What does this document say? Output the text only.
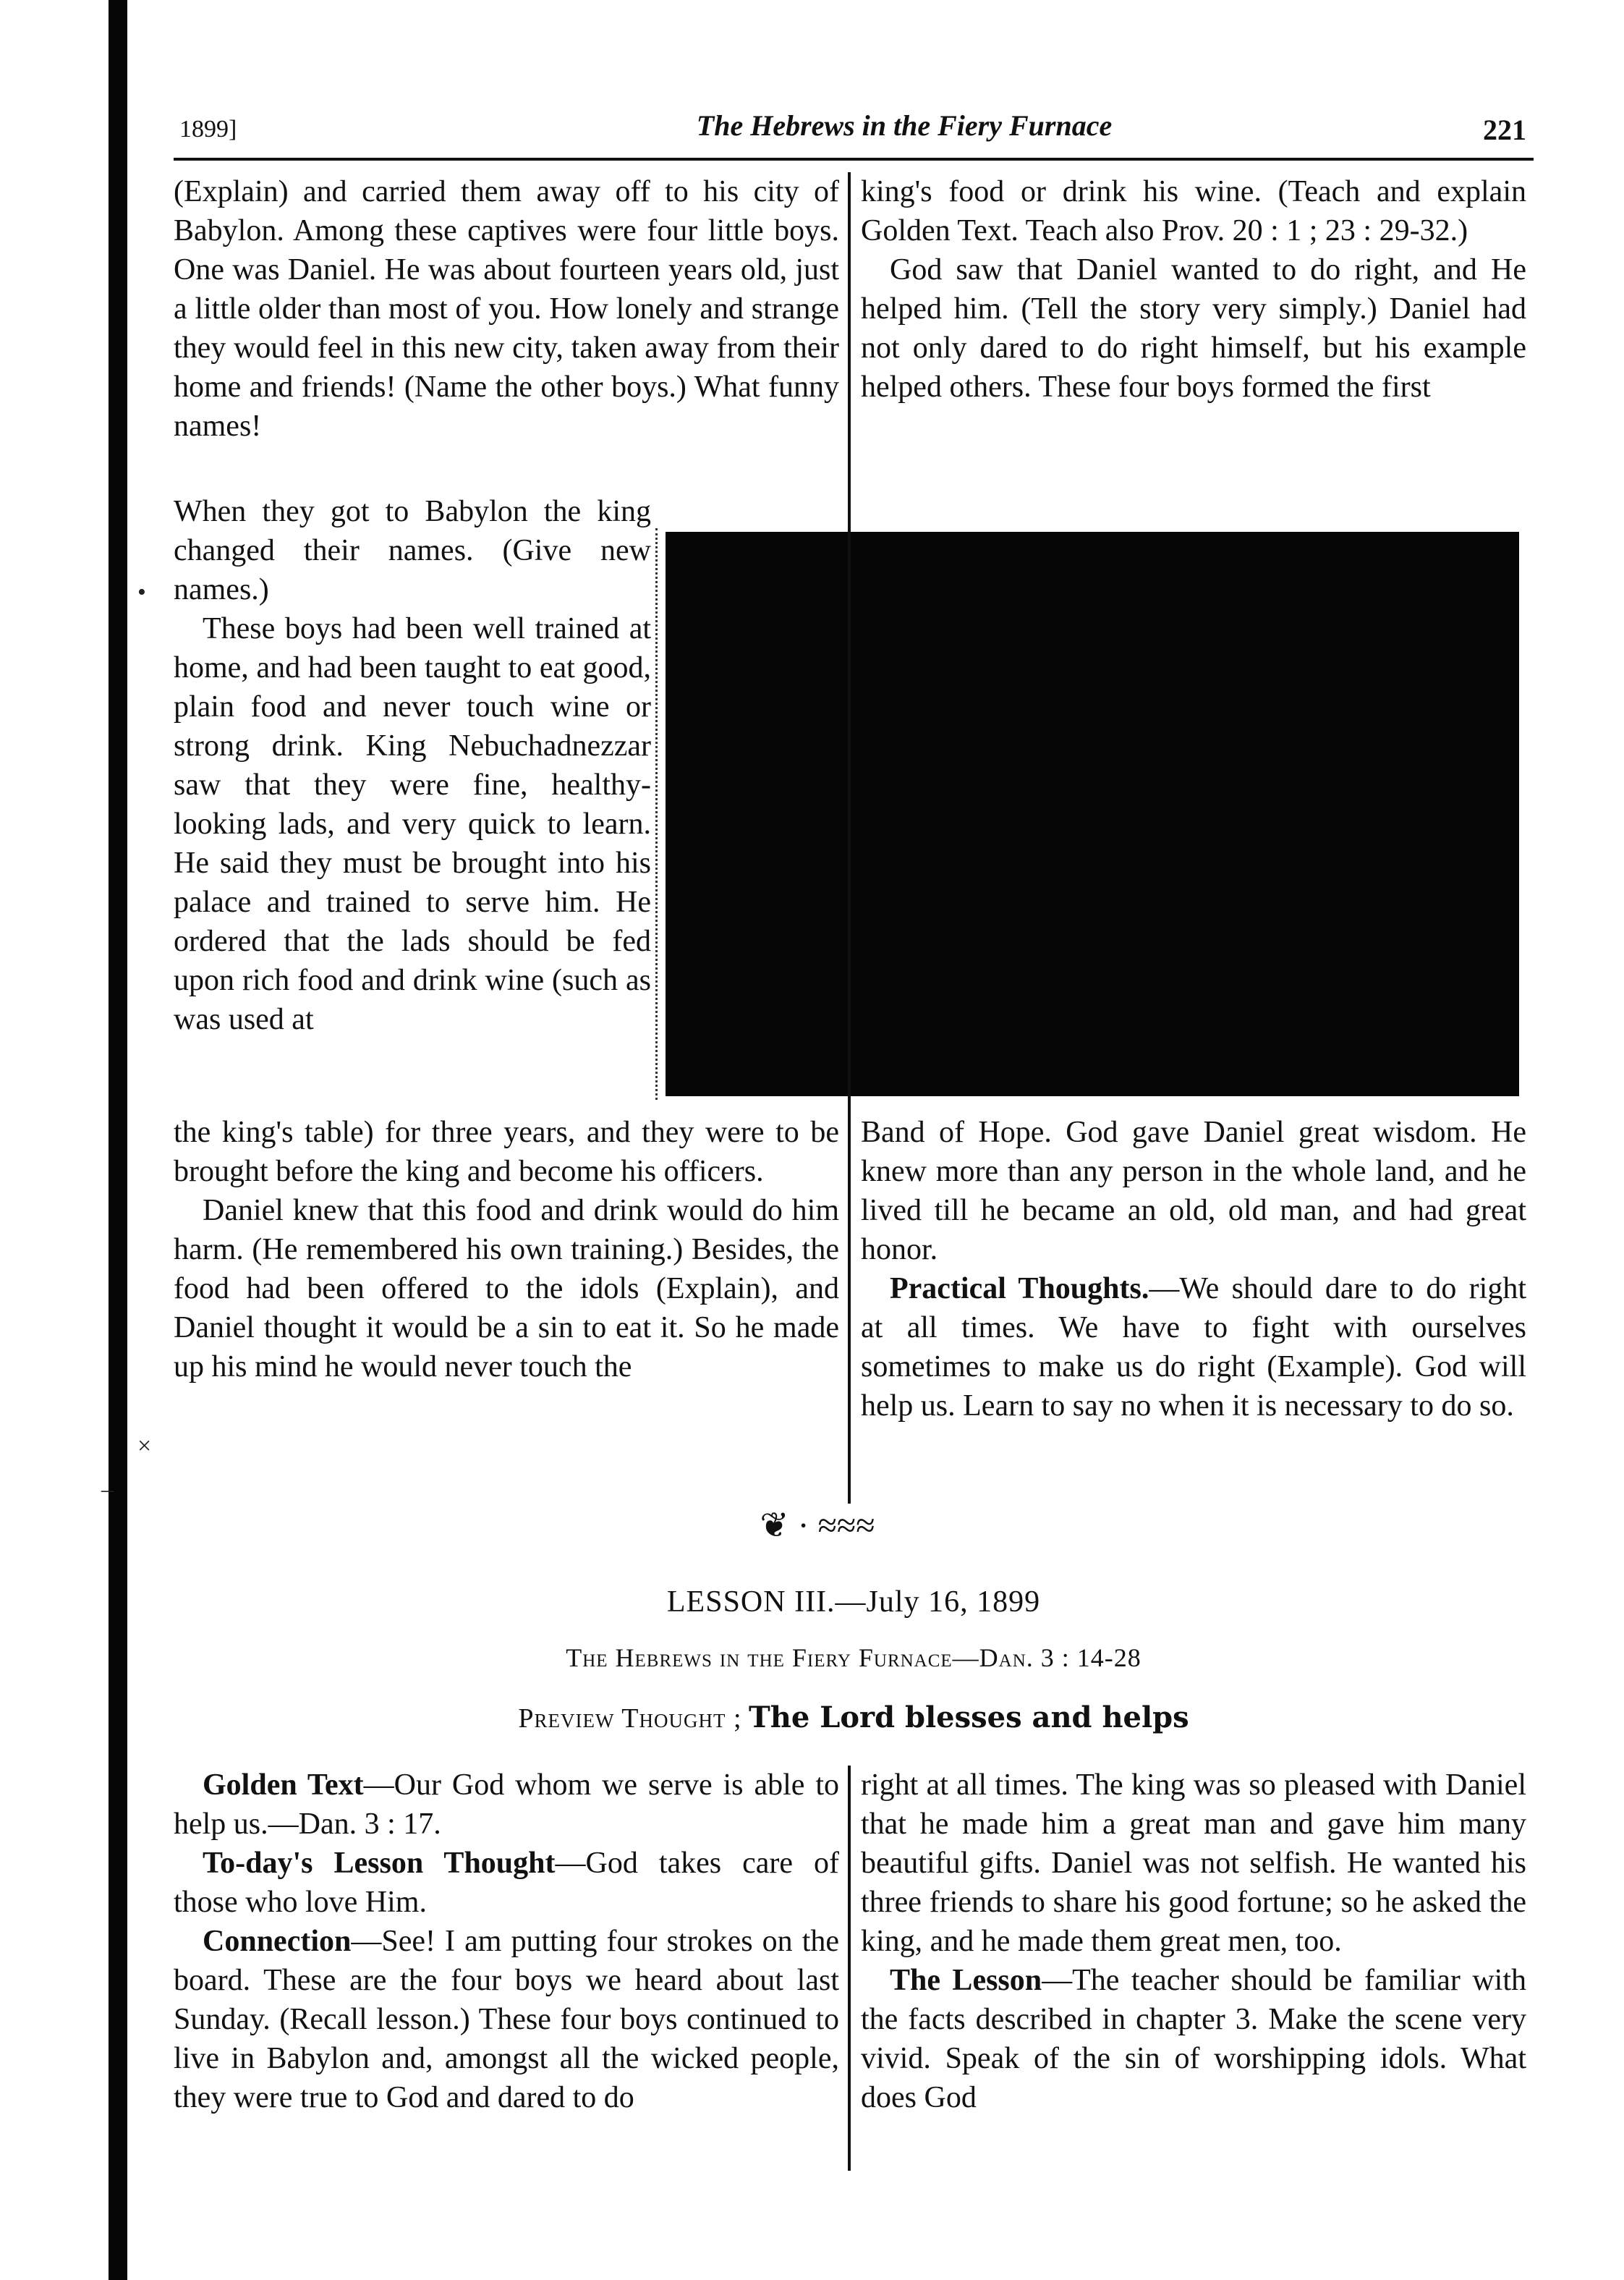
1899]	The Hebrews in the Fiery Furnace	221

(Explain) and carried them away off to his city of Babylon. Among these captives were four little boys. One was Daniel. He was about fourteen years old, just a little older than most of you. How lonely and strange they would feel in this new city, taken away from their home and friends! (Name the other boys.) What funny names!

When they got to Babylon the king changed their names. (Give new names.)

These boys had been well trained at home, and had been taught to eat good, plain food and never touch wine or strong drink. King Nebuchadnezzar saw that they were fine, healthy-looking lads, and very quick to learn. He said they must be brought into his palace and trained to serve him. He ordered that the lads should be fed upon rich food and drink wine (such as was used at

the king's table) for three years, and they were to be brought before the king and become his officers.

Daniel knew that this food and drink would do him harm. (He remembered his own training.) Besides, the food had been offered to the idols (Explain), and Daniel thought it would be a sin to eat it. So he made up his mind he would never touch the

king's food or drink his wine. (Teach and explain Golden Text. Teach also Prov. 20 : 1 ; 23 : 29-32.)

God saw that Daniel wanted to do right, and He helped him. (Tell the story very simply.) Daniel had not only dared to do right himself, but his example helped others. These four boys formed the first

Band of Hope. God gave Daniel great wisdom. He knew more than any person in the whole land, and he lived till he became an old, old man, and had great honor.

Practical Thoughts.—We should dare to do right at all times. We have to fight with ourselves sometimes to make us do right (Example). God will help us. Learn to say no when it is necessary to do so.

❦ · ≈≈≈
LESSON III.—July 16, 1899
The Hebrews in the Fiery Furnace—Dan. 3 : 14-28
Preview Thought ; The Lord blesses and helps

Golden Text—Our God whom we serve is able to help us.—Dan. 3 : 17.

To-day's Lesson Thought—God takes care of those who love Him.

Connection—See! I am putting four strokes on the board. These are the four boys we heard about last Sunday. (Recall lesson.) These four boys continued to live in Babylon and, amongst all the wicked people, they were true to God and dared to do

right at all times. The king was so pleased with Daniel that he made him a great man and gave him many beautiful gifts. Daniel was not selfish. He wanted his three friends to share his good fortune; so he asked the king, and he made them great men, too.

The Lesson—The teacher should be familiar with the facts described in chapter 3. Make the scene very vivid. Speak of the sin of worshipping idols. What does God

•
×
–
